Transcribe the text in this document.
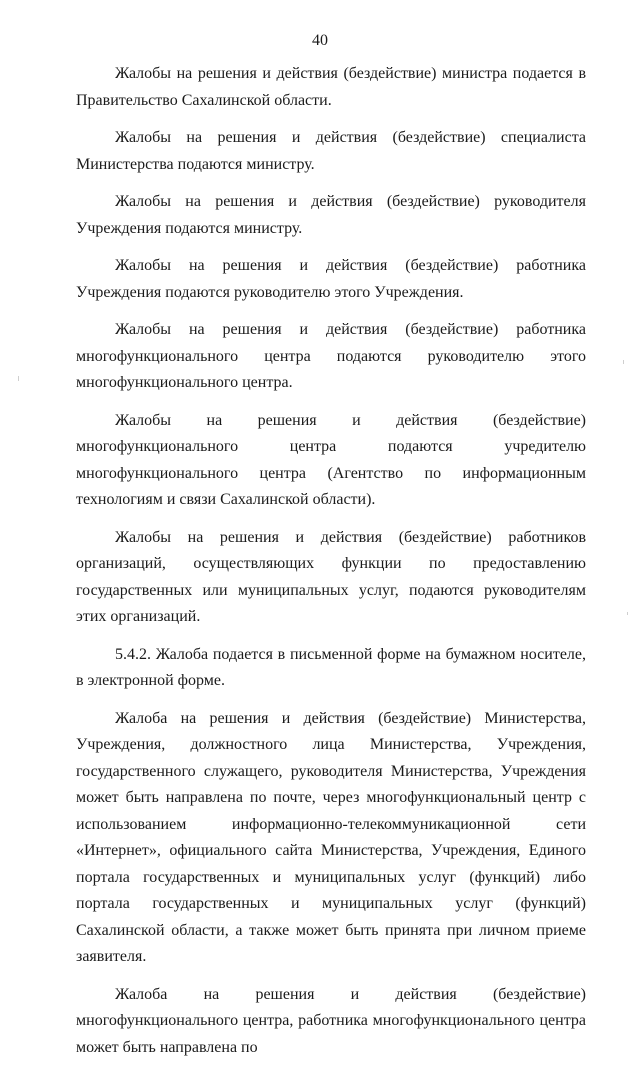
40

Жалобы на решения и действия (бездействие) министра подается в Правительство Сахалинской области.

Жалобы на решения и действия (бездействие) специалиста Министерства подаются министру.

Жалобы на решения и действия (бездействие) руководителя Учреждения подаются министру.

Жалобы на решения и действия (бездействие) работника Учреждения подаются руководителю этого Учреждения.

Жалобы на решения и действия (бездействие) работника многофункционального центра подаются руководителю этого многофункционального центра.

Жалобы на решения и действия (бездействие) многофункционального центра подаются учредителю многофункционального центра (Агентство по информационным технологиям и связи Сахалинской области).

Жалобы на решения и действия (бездействие) работников организаций, осуществляющих функции по предоставлению государственных или муниципальных услуг, подаются руководителям этих организаций.

5.4.2. Жалоба подается в письменной форме на бумажном носителе, в электронной форме.

Жалоба на решения и действия (бездействие) Министерства, Учреждения, должностного лица Министерства, Учреждения, государственного служащего, руководителя Министерства, Учреждения может быть направлена по почте, через многофункциональный центр с использованием информационно-телекоммуникационной сети «Интернет», официального сайта Министерства, Учреждения, Единого портала государственных и муниципальных услуг (функций) либо портала государственных и муниципальных услуг (функций) Сахалинской области, а также может быть принята при личном приеме заявителя.

Жалоба на решения и действия (бездействие) многофункционального центра, работника многофункционального центра может быть направлена по
